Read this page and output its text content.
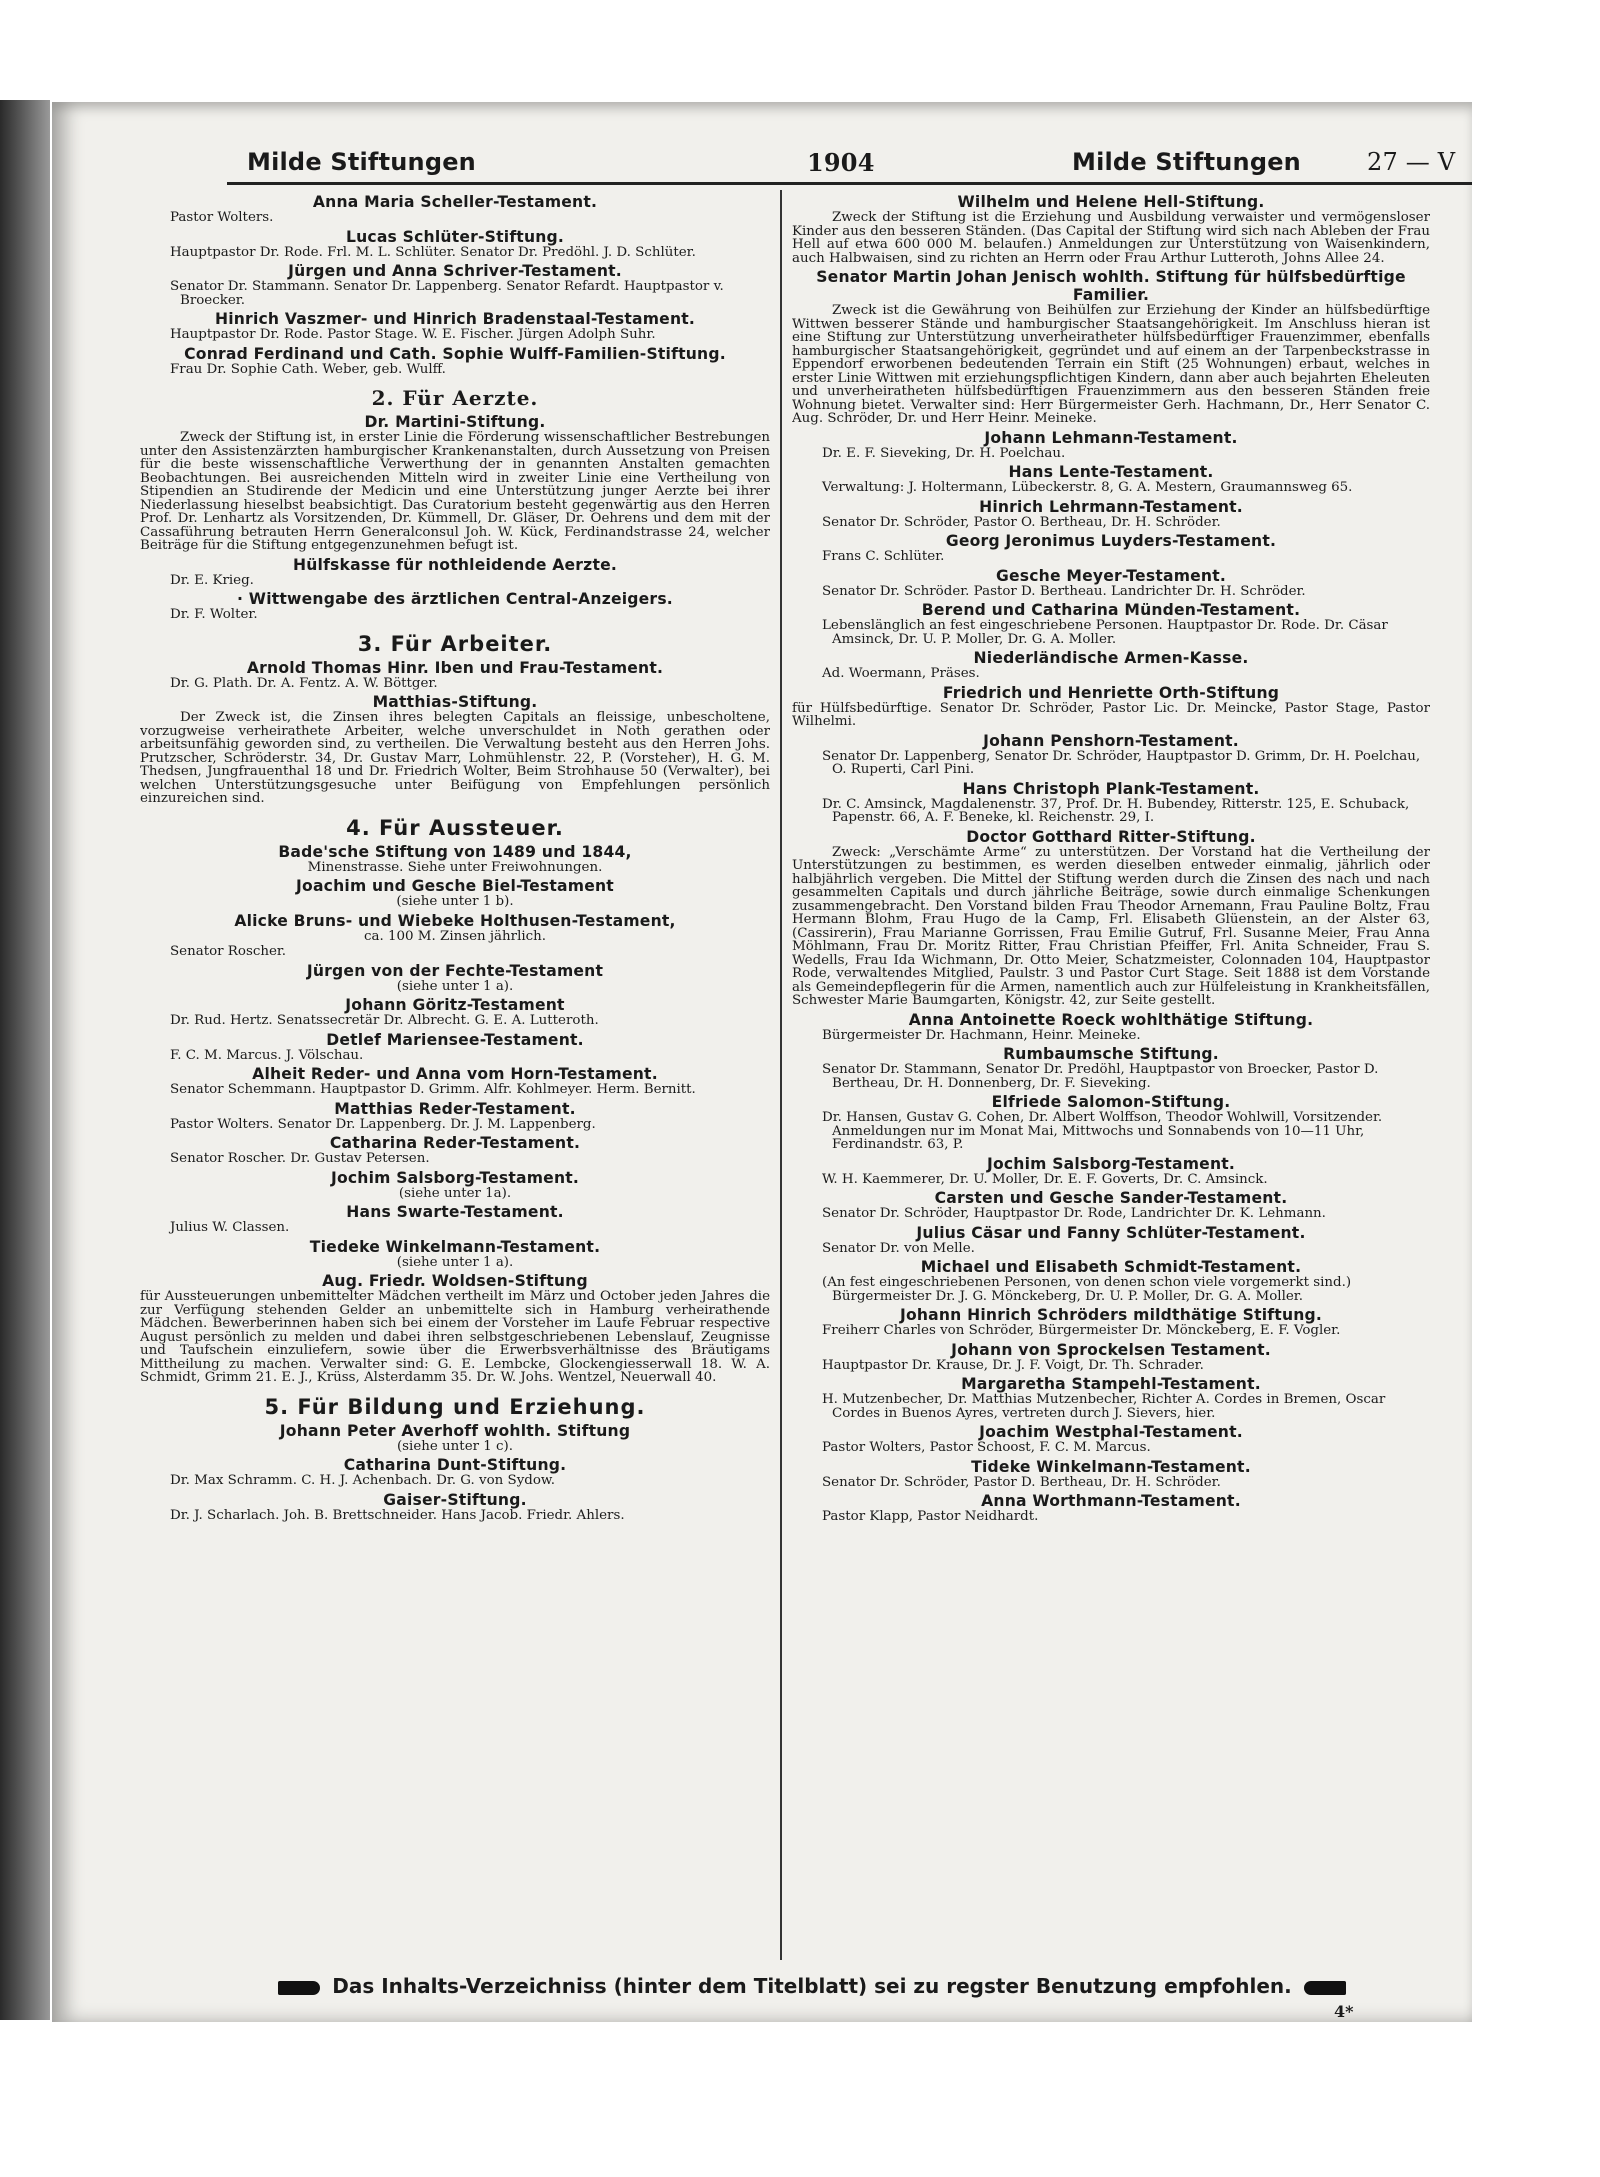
Milde Stiftungen	1904	Milde Stiftungen	27 — V
Anna Maria Scheller-Testament.
Pastor Wolters.
Lucas Schlüter-Stiftung.
Hauptpastor Dr. Rode. Frl. M. L. Schlüter. Senator Dr. Predöhl. J. D. Schlüter.
Jürgen und Anna Schriver-Testament.
Senator Dr. Stammann. Senator Dr. Lappenberg. Senator Refardt. Hauptpastor v. Broecker.
Hinrich Vaszmer- und Hinrich Bradenstaal-Testament.
Hauptpastor Dr. Rode. Pastor Stage. W. E. Fischer. Jürgen Adolph Suhr.
Conrad Ferdinand und Cath. Sophie Wulff-Familien-Stiftung.
Frau Dr. Sophie Cath. Weber, geb. Wulff.
2. Für Aerzte.
Dr. Martini-Stiftung.
Zweck der Stiftung ist, in erster Linie die Förderung wissenschaftlicher Bestrebungen unter den Assistenzärzten hamburgischer Krankenanstalten, durch Aussetzung von Preisen für die beste wissenschaftliche Verwerthung der in genannten Anstalten gemachten Beobachtungen. Bei ausreichenden Mitteln wird in zweiter Linie eine Vertheilung von Stipendien an Studirende der Medicin und eine Unterstützung junger Aerzte bei ihrer Niederlassung hieselbst beabsichtigt. Das Curatorium besteht gegenwärtig aus den Herren Prof. Dr. Lenhartz als Vorsitzenden, Dr. Kümmell, Dr. Gläser, Dr. Oehrens und dem mit der Cassaführung betrauten Herrn Generalconsul Joh. W. Kück, Ferdinandstrasse 24, welcher Beiträge für die Stiftung entgegenzunehmen befugt ist.
Hülfskasse für nothleidende Aerzte.
Dr. E. Krieg.
· Wittwengabe des ärztlichen Central-Anzeigers.
Dr. F. Wolter.
3. Für Arbeiter.
Arnold Thomas Hinr. Iben und Frau-Testament.
Dr. G. Plath. Dr. A. Fentz. A. W. Böttger.
Matthias-Stiftung.
Der Zweck ist, die Zinsen ihres belegten Capitals an fleissige, unbescholtene, vorzugweise verheirathete Arbeiter, welche unverschuldet in Noth gerathen oder arbeitsunfähig geworden sind, zu vertheilen. Die Verwaltung besteht aus den Herren Johs. Prutzscher, Schröderstr. 34, Dr. Gustav Marr, Lohmühlenstr. 22, P. (Vorsteher), H. G. M. Thedsen, Jungfrauenthal 18 und Dr. Friedrich Wolter, Beim Strohhause 50 (Verwalter), bei welchen Unterstützungsgesuche unter Beifügung von Empfehlungen persönlich einzureichen sind.
4. Für Aussteuer.
Bade'sche Stiftung von 1489 und 1844,
Minenstrasse. Siehe unter Freiwohnungen.
Joachim und Gesche Biel-Testament
(siehe unter 1 b).
Alicke Bruns- und Wiebeke Holthusen-Testament,
ca. 100 M. Zinsen jährlich.
Senator Roscher.
Jürgen von der Fechte-Testament
(siehe unter 1 a).
Johann Göritz-Testament
Dr. Rud. Hertz. Senatssecretär Dr. Albrecht. G. E. A. Lutteroth.
Detlef Mariensee-Testament.
F. C. M. Marcus. J. Völschau.
Alheit Reder- und Anna vom Horn-Testament.
Senator Schemmann. Hauptpastor D. Grimm. Alfr. Kohlmeyer. Herm. Bernitt.
Matthias Reder-Testament.
Pastor Wolters. Senator Dr. Lappenberg. Dr. J. M. Lappenberg.
Catharina Reder-Testament.
Senator Roscher. Dr. Gustav Petersen.
Jochim Salsborg-Testament.
(siehe unter 1a).
Hans Swarte-Testament.
Julius W. Classen.
Tiedeke Winkelmann-Testament.
(siehe unter 1 a).
Aug. Friedr. Woldsen-Stiftung
für Aussteuerungen unbemittelter Mädchen vertheilt im März und October jeden Jahres die zur Verfügung stehenden Gelder an unbemittelte sich in Hamburg verheirathende Mädchen. Bewerberinnen haben sich bei einem der Vorsteher im Laufe Februar respective August persönlich zu melden und dabei ihren selbstgeschriebenen Lebenslauf, Zeugnisse und Taufschein einzuliefern, sowie über die Erwerbsverhältnisse des Bräutigams Mittheilung zu machen. Verwalter sind: G. E. Lembcke, Glockengiesserwall 18. W. A. Schmidt, Grimm 21. E. J., Krüss, Alsterdamm 35. Dr. W. Johs. Wentzel, Neuerwall 40.
5. Für Bildung und Erziehung.
Johann Peter Averhoff wohlth. Stiftung
(siehe unter 1 c).
Catharina Dunt-Stiftung.
Dr. Max Schramm. C. H. J. Achenbach. Dr. G. von Sydow.
Gaiser-Stiftung.
Dr. J. Scharlach. Joh. B. Brettschneider. Hans Jacob. Friedr. Ahlers.
Wilhelm und Helene Hell-Stiftung.
Zweck der Stiftung ist die Erziehung und Ausbildung verwaister und vermögensloser Kinder aus den besseren Ständen. (Das Capital der Stiftung wird sich nach Ableben der Frau Hell auf etwa 600 000 M. belaufen.) Anmeldungen zur Unterstützung von Waisenkindern, auch Halbwaisen, sind zu richten an Herrn oder Frau Arthur Lutteroth, Johns Allee 24.
Senator Martin Johan Jenisch wohlth. Stiftung für hülfsbedürftige Familier.
Zweck ist die Gewährung von Beihülfen zur Erziehung der Kinder an hülfsbedürftige Wittwen besserer Stände und hamburgischer Staatsangehörigkeit. Im Anschluss hieran ist eine Stiftung zur Unterstützung unverheiratheter hülfsbedürftiger Frauenzimmer, ebenfalls hamburgischer Staatsangehörigkeit, gegründet und auf einem an der Tarpenbeckstrasse in Eppendorf erworbenen bedeutenden Terrain ein Stift (25 Wohnungen) erbaut, welches in erster Linie Wittwen mit erziehungspflichtigen Kindern, dann aber auch bejahrten Eheleuten und unverheiratheten hülfsbedürftigen Frauenzimmern aus den besseren Ständen freie Wohnung bietet. Verwalter sind: Herr Bürgermeister Gerh. Hachmann, Dr., Herr Senator C. Aug. Schröder, Dr. und Herr Heinr. Meineke.
Johann Lehmann-Testament.
Dr. E. F. Sieveking, Dr. H. Poelchau.
Hans Lente-Testament.
Verwaltung: J. Holtermann, Lübeckerstr. 8, G. A. Mestern, Graumannsweg 65.
Hinrich Lehrmann-Testament.
Senator Dr. Schröder, Pastor O. Bertheau, Dr. H. Schröder.
Georg Jeronimus Luyders-Testament.
Frans C. Schlüter.
Gesche Meyer-Testament.
Senator Dr. Schröder. Pastor D. Bertheau. Landrichter Dr. H. Schröder.
Berend und Catharina Münden-Testament.
Lebenslänglich an fest eingeschriebene Personen. Hauptpastor Dr. Rode. Dr. Cäsar Amsinck, Dr. U. P. Moller, Dr. G. A. Moller.
Niederländische Armen-Kasse.
Ad. Woermann, Präses.
Friedrich und Henriette Orth-Stiftung
für Hülfsbedürftige. Senator Dr. Schröder, Pastor Lic. Dr. Meincke, Pastor Stage, Pastor Wilhelmi.
Johann Penshorn-Testament.
Senator Dr. Lappenberg, Senator Dr. Schröder, Hauptpastor D. Grimm, Dr. H. Poelchau, O. Ruperti, Carl Pini.
Hans Christoph Plank-Testament.
Dr. C. Amsinck, Magdalenenstr. 37, Prof. Dr. H. Bubendey, Ritterstr. 125, E. Schuback, Papenstr. 66, A. F. Beneke, kl. Reichenstr. 29, I.
Doctor Gotthard Ritter-Stiftung.
Zweck: „Verschämte Arme“ zu unterstützen. Der Vorstand hat die Vertheilung der Unterstützungen zu bestimmen, es werden dieselben entweder einmalig, jährlich oder halbjährlich vergeben. Die Mittel der Stiftung werden durch die Zinsen des nach und nach gesammelten Capitals und durch jährliche Beiträge, sowie durch einmalige Schenkungen zusammengebracht. Den Vorstand bilden Frau Theodor Arnemann, Frau Pauline Boltz, Frau Hermann Blohm, Frau Hugo de la Camp, Frl. Elisabeth Glüenstein, an der Alster 63, (Cassirerin), Frau Marianne Gorrissen, Frau Emilie Gutruf, Frl. Susanne Meier, Frau Anna Möhlmann, Frau Dr. Moritz Ritter, Frau Christian Pfeiffer, Frl. Anita Schneider, Frau S. Wedells, Frau Ida Wichmann, Dr. Otto Meier, Schatzmeister, Colonnaden 104, Hauptpastor Rode, verwaltendes Mitglied, Paulstr. 3 und Pastor Curt Stage. Seit 1888 ist dem Vorstande als Gemeindepflegerin für die Armen, namentlich auch zur Hülfeleistung in Krankheitsfällen, Schwester Marie Baumgarten, Königstr. 42, zur Seite gestellt.
Anna Antoinette Roeck wohlthätige Stiftung.
Bürgermeister Dr. Hachmann, Heinr. Meineke.
Rumbaumsche Stiftung.
Senator Dr. Stammann, Senator Dr. Predöhl, Hauptpastor von Broecker, Pastor D. Bertheau, Dr. H. Donnenberg, Dr. F. Sieveking.
Elfriede Salomon-Stiftung.
Dr. Hansen, Gustav G. Cohen, Dr. Albert Wolffson, Theodor Wohlwill, Vorsitzender. Anmeldungen nur im Monat Mai, Mittwochs und Sonnabends von 10—11 Uhr, Ferdinandstr. 63, P.
Jochim Salsborg-Testament.
W. H. Kaemmerer, Dr. U. Moller, Dr. E. F. Goverts, Dr. C. Amsinck.
Carsten und Gesche Sander-Testament.
Senator Dr. Schröder, Hauptpastor Dr. Rode, Landrichter Dr. K. Lehmann.
Julius Cäsar und Fanny Schlüter-Testament.
Senator Dr. von Melle.
Michael und Elisabeth Schmidt-Testament.
(An fest eingeschriebenen Personen, von denen schon viele vorgemerkt sind.) Bürgermeister Dr. J. G. Mönckeberg, Dr. U. P. Moller, Dr. G. A. Moller.
Johann Hinrich Schröders mildthätige Stiftung.
Freiherr Charles von Schröder, Bürgermeister Dr. Mönckeberg, E. F. Vogler.
Johann von Sprockelsen Testament.
Hauptpastor Dr. Krause, Dr. J. F. Voigt, Dr. Th. Schrader.
Margaretha Stampehl-Testament.
H. Mutzenbecher, Dr. Matthias Mutzenbecher, Richter A. Cordes in Bremen, Oscar Cordes in Buenos Ayres, vertreten durch J. Sievers, hier.
Joachim Westphal-Testament.
Pastor Wolters, Pastor Schoost, F. C. M. Marcus.
Tideke Winkelmann-Testament.
Senator Dr. Schröder, Pastor D. Bertheau, Dr. H. Schröder.
Anna Worthmann-Testament.
Pastor Klapp, Pastor Neidhardt.
Das Inhalts-Verzeichniss (hinter dem Titelblatt) sei zu regster Benutzung empfohlen.
4*
